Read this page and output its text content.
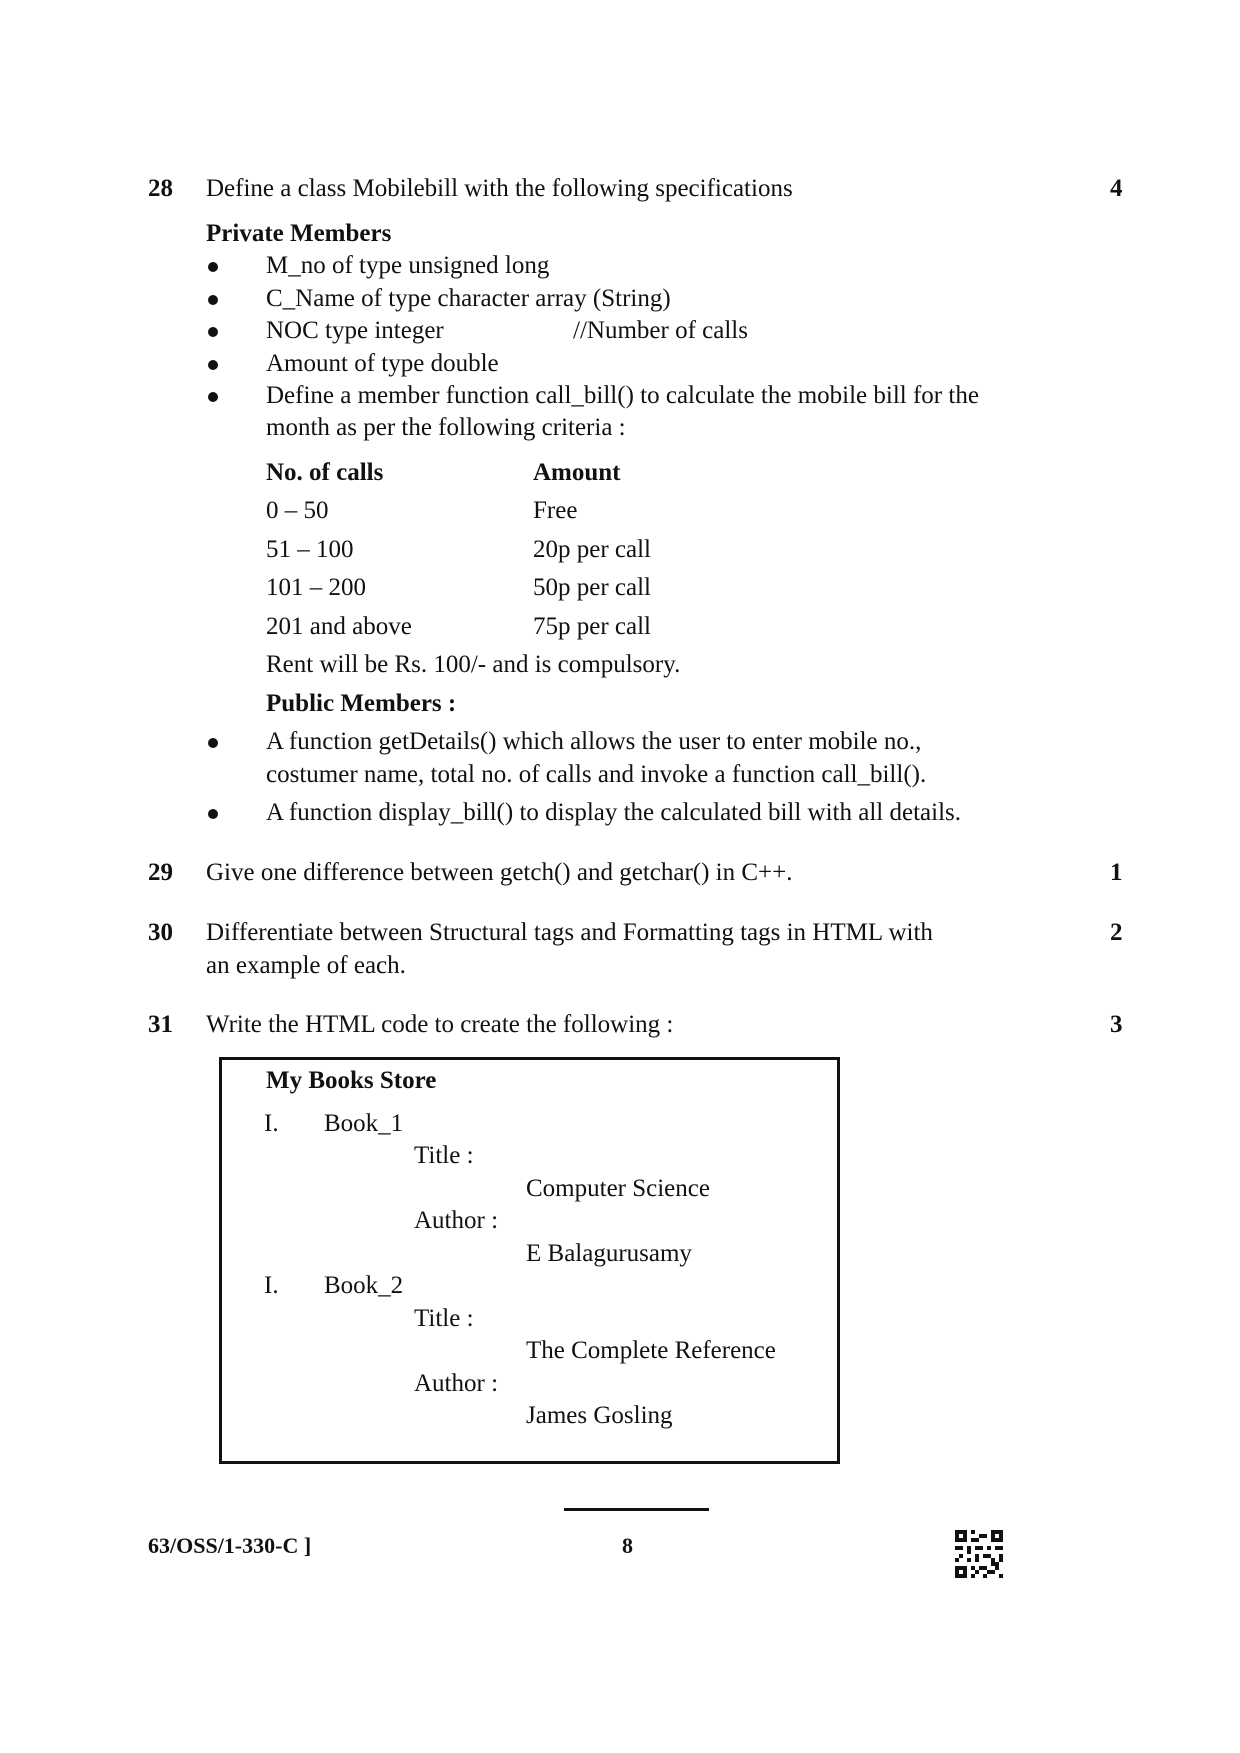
28 Define a class Mobilebill with the following specifications	4
Private Members
M_no of type unsigned long
C_Name of type character array (String)
NOC type integer	//Number of calls
Amount of type double
Define a member function call_bill() to calculate the mobile bill for the
month as per the following criteria :
No. of calls	Amount
0 – 50	Free
51 – 100	20p per call
101 – 200	50p per call
201 and above	75p per call
Rent will be Rs. 100/- and is compulsory.
Public Members :
A function getDetails() which allows the user to enter mobile no.,
costumer name, total no. of calls and invoke a function call_bill().
A function display_bill() to display the calculated bill with all details.
29 Give one difference between getch() and getchar() in C++.	1
30 Differentiate between Structural tags and Formatting tags in HTML with
an example of each.
2
31 Write the HTML code to create the following :	3
My Books Store
I. Book_1
Title :
Computer Science
Author :
E Balagurusamy
I. Book_2
Title :
The Complete Reference
Author :
James Gosling
63/OSS/1-330-C ]	8
